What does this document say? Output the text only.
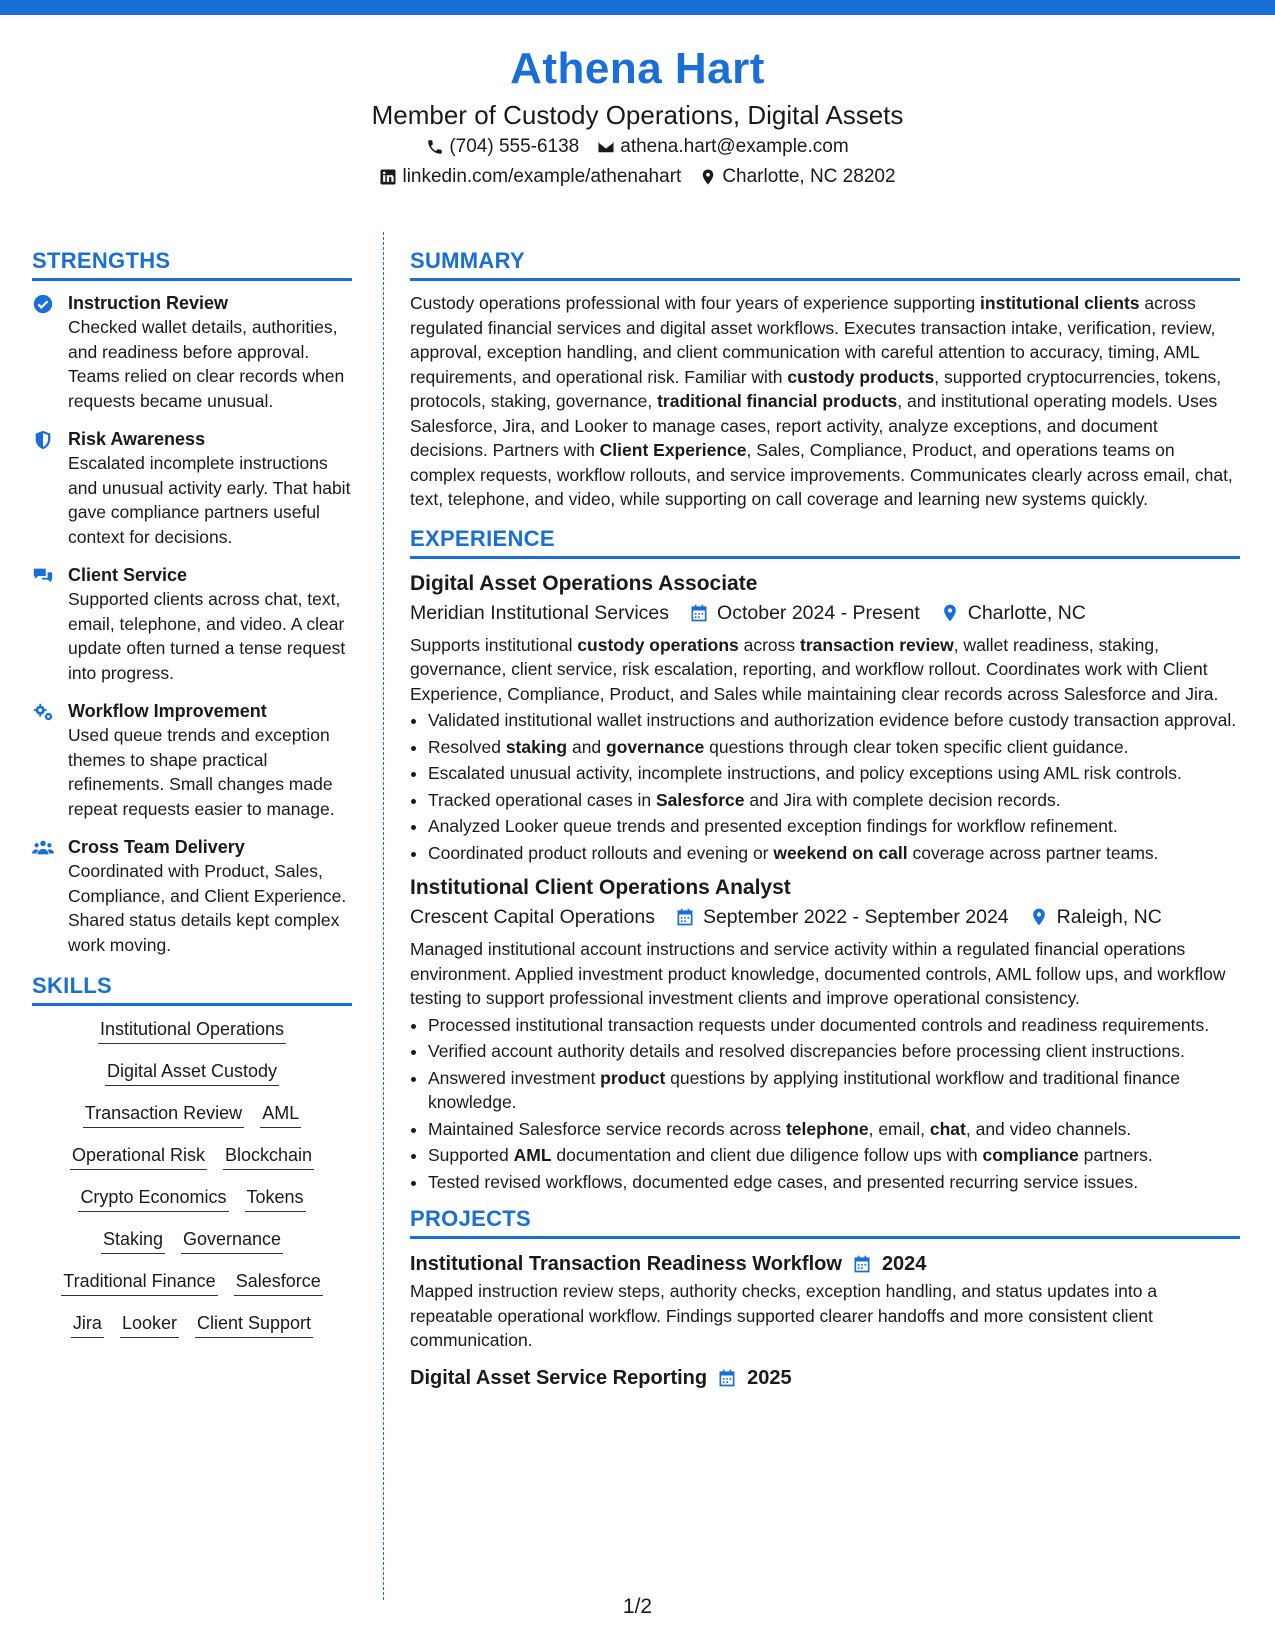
Athena Hart
Member of Custody Operations, Digital Assets
(704) 555-6138 athena.hart@example.com
linkedin.com/example/athenahart Charlotte, NC 28202
STRENGTHS
Instruction Review
Checked wallet details, authorities, and readiness before approval. Teams relied on clear records when requests became unusual.
Risk Awareness
Escalated incomplete instructions and unusual activity early. That habit gave compliance partners useful context for decisions.
Client Service
Supported clients across chat, text, email, telephone, and video. A clear update often turned a tense request into progress.
Workflow Improvement
Used queue trends and exception themes to shape practical refinements. Small changes made repeat requests easier to manage.
Cross Team Delivery
Coordinated with Product, Sales, Compliance, and Client Experience. Shared status details kept complex work moving.
SKILLS
Institutional Operations
Digital Asset Custody
Transaction Review AML
Operational Risk Blockchain
Crypto Economics Tokens
Staking Governance
Traditional Finance Salesforce
Jira Looker Client Support
SUMMARY

Custody operations professional with four years of experience supporting institutional clients across regulated financial services and digital asset workflows. Executes transaction intake, verification, review, approval, exception handling, and client communication with careful attention to accuracy, timing, AML requirements, and operational risk. Familiar with custody products, supported cryptocurrencies, tokens, protocols, staking, governance, traditional financial products, and institutional operating models. Uses Salesforce, Jira, and Looker to manage cases, report activity, analyze exceptions, and document decisions. Partners with Client Experience, Sales, Compliance, Product, and operations teams on complex requests, workflow rollouts, and service improvements. Communicates clearly across email, chat, text, telephone, and video, while supporting on call coverage and learning new systems quickly.

EXPERIENCE
Digital Asset Operations Associate
Meridian Institutional Services October 2024 - Present Charlotte, NC

Supports institutional custody operations across transaction review, wallet readiness, staking, governance, client service, risk escalation, reporting, and workflow rollout. Coordinates work with Client Experience, Compliance, Product, and Sales while maintaining clear records across Salesforce and Jira.

• Validated institutional wallet instructions and authorization evidence before custody transaction approval.
• Resolved staking and governance questions through clear token specific client guidance.
• Escalated unusual activity, incomplete instructions, and policy exceptions using AML risk controls.
• Tracked operational cases in Salesforce and Jira with complete decision records.
• Analyzed Looker queue trends and presented exception findings for workflow refinement.
• Coordinated product rollouts and evening or weekend on call coverage across partner teams.
Institutional Client Operations Analyst
Crescent Capital Operations September 2022 - September 2024 Raleigh, NC

Managed institutional account instructions and service activity within a regulated financial operations environment. Applied investment product knowledge, documented controls, AML follow ups, and workflow testing to support professional investment clients and improve operational consistency.

• Processed institutional transaction requests under documented controls and readiness requirements.
• Verified account authority details and resolved discrepancies before processing client instructions.
• Answered investment product questions by applying institutional workflow and traditional finance knowledge.
• Maintained Salesforce service records across telephone, email, chat, and video channels.
• Supported AML documentation and client due diligence follow ups with compliance partners.
• Tested revised workflows, documented edge cases, and presented recurring service issues.
PROJECTS
Institutional Transaction Readiness Workflow 2024

Mapped instruction review steps, authority checks, exception handling, and status updates into a repeatable operational workflow. Findings supported clearer handoffs and more consistent client communication.

Digital Asset Service Reporting 2025
1/2
